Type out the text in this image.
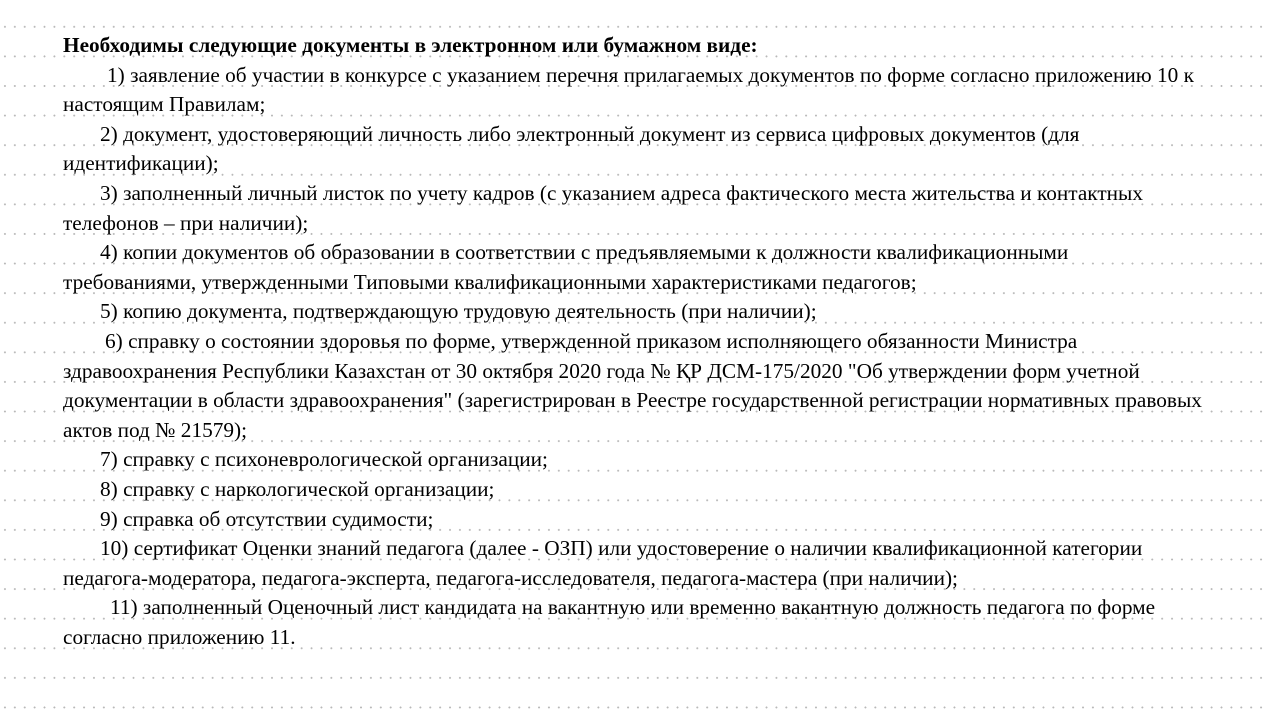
Необходимы следующие документы в электронном или бумажном виде:

1) заявление об участии в конкурсе с указанием перечня прилагаемых документов по форме согласно приложению 10 к настоящим Правилам;

2) документ, удостоверяющий личность либо электронный документ из сервиса цифровых документов (для идентификации);

3) заполненный личный листок по учету кадров (с указанием адреса фактического места жительства и контактных телефонов – при наличии);

4) копии документов об образовании в соответствии с предъявляемыми к должности квалификационными требованиями, утвержденными Типовыми квалификационными характеристиками педагогов;

5) копию документа, подтверждающую трудовую деятельность (при наличии);

6) справку о состоянии здоровья по форме, утвержденной приказом исполняющего обязанности Министра здравоохранения Республики Казахстан от 30 октября 2020 года № ҚР ДСМ-175/2020 "Об утверждении форм учетной документации в области здравоохранения" (зарегистрирован в Реестре государственной регистрации нормативных правовых актов под № 21579);

7) справку с психоневрологической организации;

8) справку с наркологической организации;

9) справка об отсутствии судимости;

10) сертификат Оценки знаний педагога (далее - ОЗП) или удостоверение о наличии квалификационной категории педагога-модератора, педагога-эксперта, педагога-исследователя, педагога-мастера (при наличии);

11) заполненный Оценочный лист кандидата на вакантную или временно вакантную должность педагога по форме согласно приложению 11.
